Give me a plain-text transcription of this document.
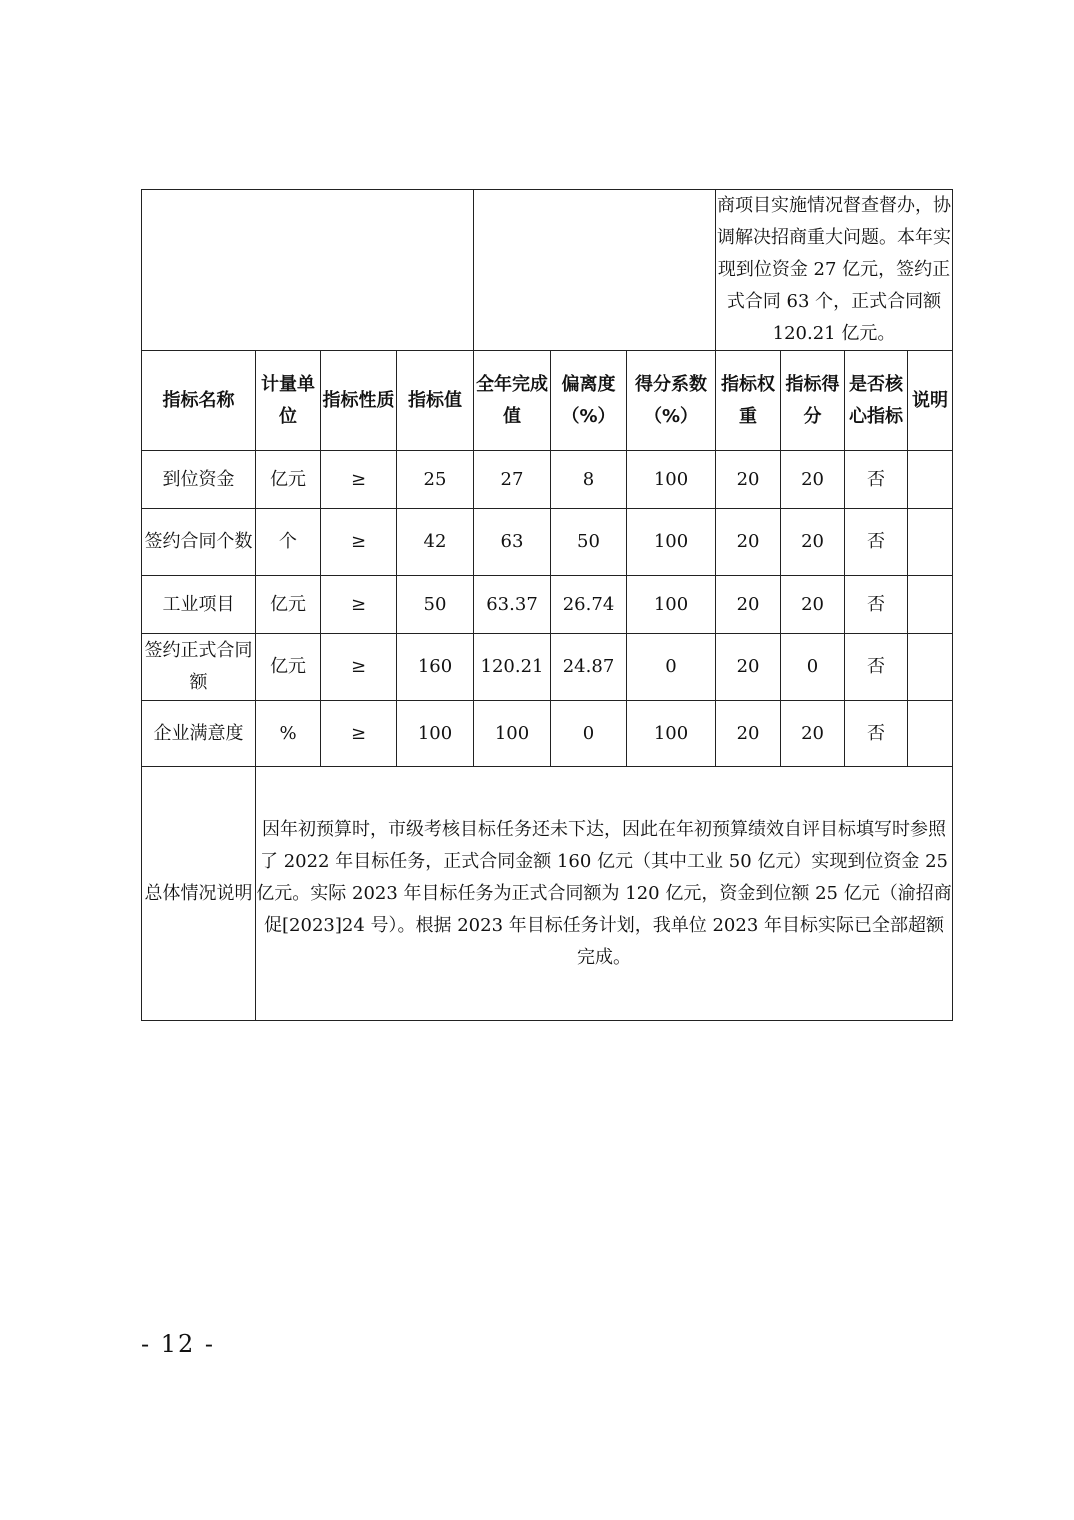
							商项目实施情况督查督办，协调解决招商重大问题。本年实现到位资金 27 亿元，签约正式合同 63 个，正式合同额 120.21 亿元。			
指标名称	计量单位	指标性质	指标值	全年完成值	偏离度（%）	得分系数（%）	指标权重	指标得分	是否核心指标	说明
到位资金	亿元	≥	25	27	8	100	20	20	否	
签约合同个数	个	≥	42	63	50	100	20	20	否	
工业项目	亿元	≥	50	63.37	26.74	100	20	20	否	
签约正式合同额	亿元	≥	160	120.21	24.87	0	20	0	否	
企业满意度	%	≥	100	100	0	100	20	20	否	
总体情况说明	因年初预算时，市级考核目标任务还未下达，因此在年初预算绩效自评目标填写时参照了 2022 年目标任务，正式合同金额 160 亿元（其中工业 50 亿元）实现到位资金 25 亿元。实际 2023 年目标任务为正式合同额为 120 亿元，资金到位额 25 亿元（渝招商促[2023]24 号）。根据 2023 年目标任务计划，我单位 2023 年目标实际已全部超额完成。									
- 12 -
